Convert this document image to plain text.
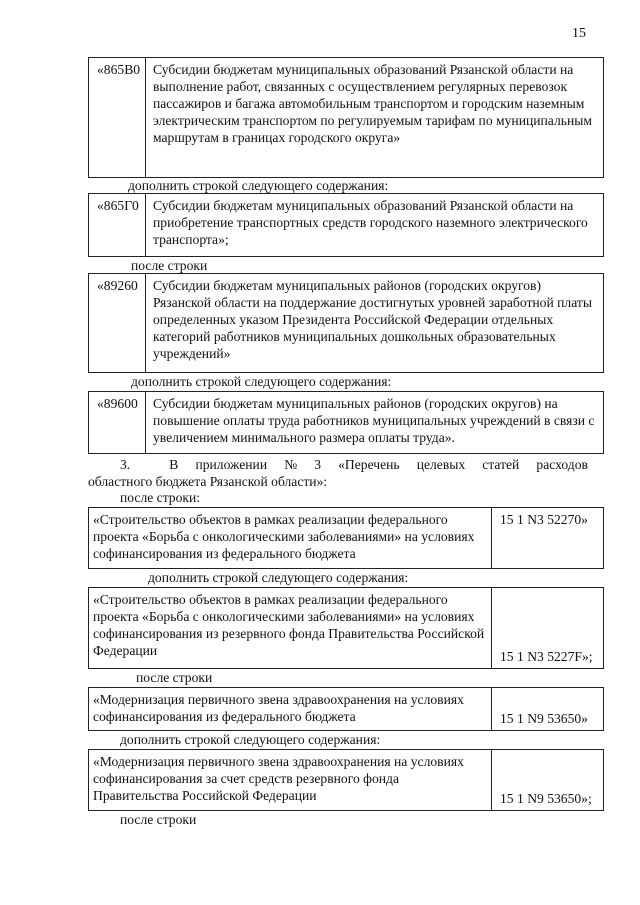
15
«865В0 Субсидии бюджетам муниципальных образований Рязанской области на выполнение работ, связанных с осуществлением регулярных перевозок пассажиров и багажа автомобильным транспортом и городским наземным электрическим транспортом по регулируемым тарифам по муниципальным маршрутам в границах городского округа»
дополнить строкой следующего содержания:
«865Г0	Субсидии бюджетам муниципальных образований Рязанской области на приобретение транспортных средств городского наземного электрического транспорта»;
после строки
«89260	Субсидии бюджетам муниципальных районов (городских округов) Рязанской области на поддержание достигнутых уровней заработной платы определенных указом Президента Российской Федерации отдельных категорий работников муниципальных дошкольных образовательных учреждений»
дополнить строкой следующего содержания:
«89600	Субсидии бюджетам муниципальных районов (городских округов) на повышение оплаты труда работников муниципальных учреждений в связи с увеличением минимального размера оплаты труда».
3.	В приложении № 3 «Перечень целевых статей расходов
областного бюджета Рязанской области»:
после строки:
«Строительство объектов в рамках реализации федерального проекта «Борьба с онкологическими заболеваниями» на условиях софинансирования из федерального бюджета
15 1 N3 52270»
дополнить строкой следующего содержания:
«Строительство объектов в рамках реализации федерального проекта «Борьба с онкологическими заболеваниями» на условиях софинансирования из резервного фонда Правительства Российской Федерации	15 1 N3 5227F»;
после строки
«Модернизация первичного звена здравоохранения на условиях софинансирования из федерального бюджета	15 1 N9 53650»
дополнить строкой следующего содержания:
«Модернизация первичного звена здравоохранения на условиях софинансирования за счет средств резервного фонда Правительства Российской Федерации	15 1 N9 53650»;
после строки
